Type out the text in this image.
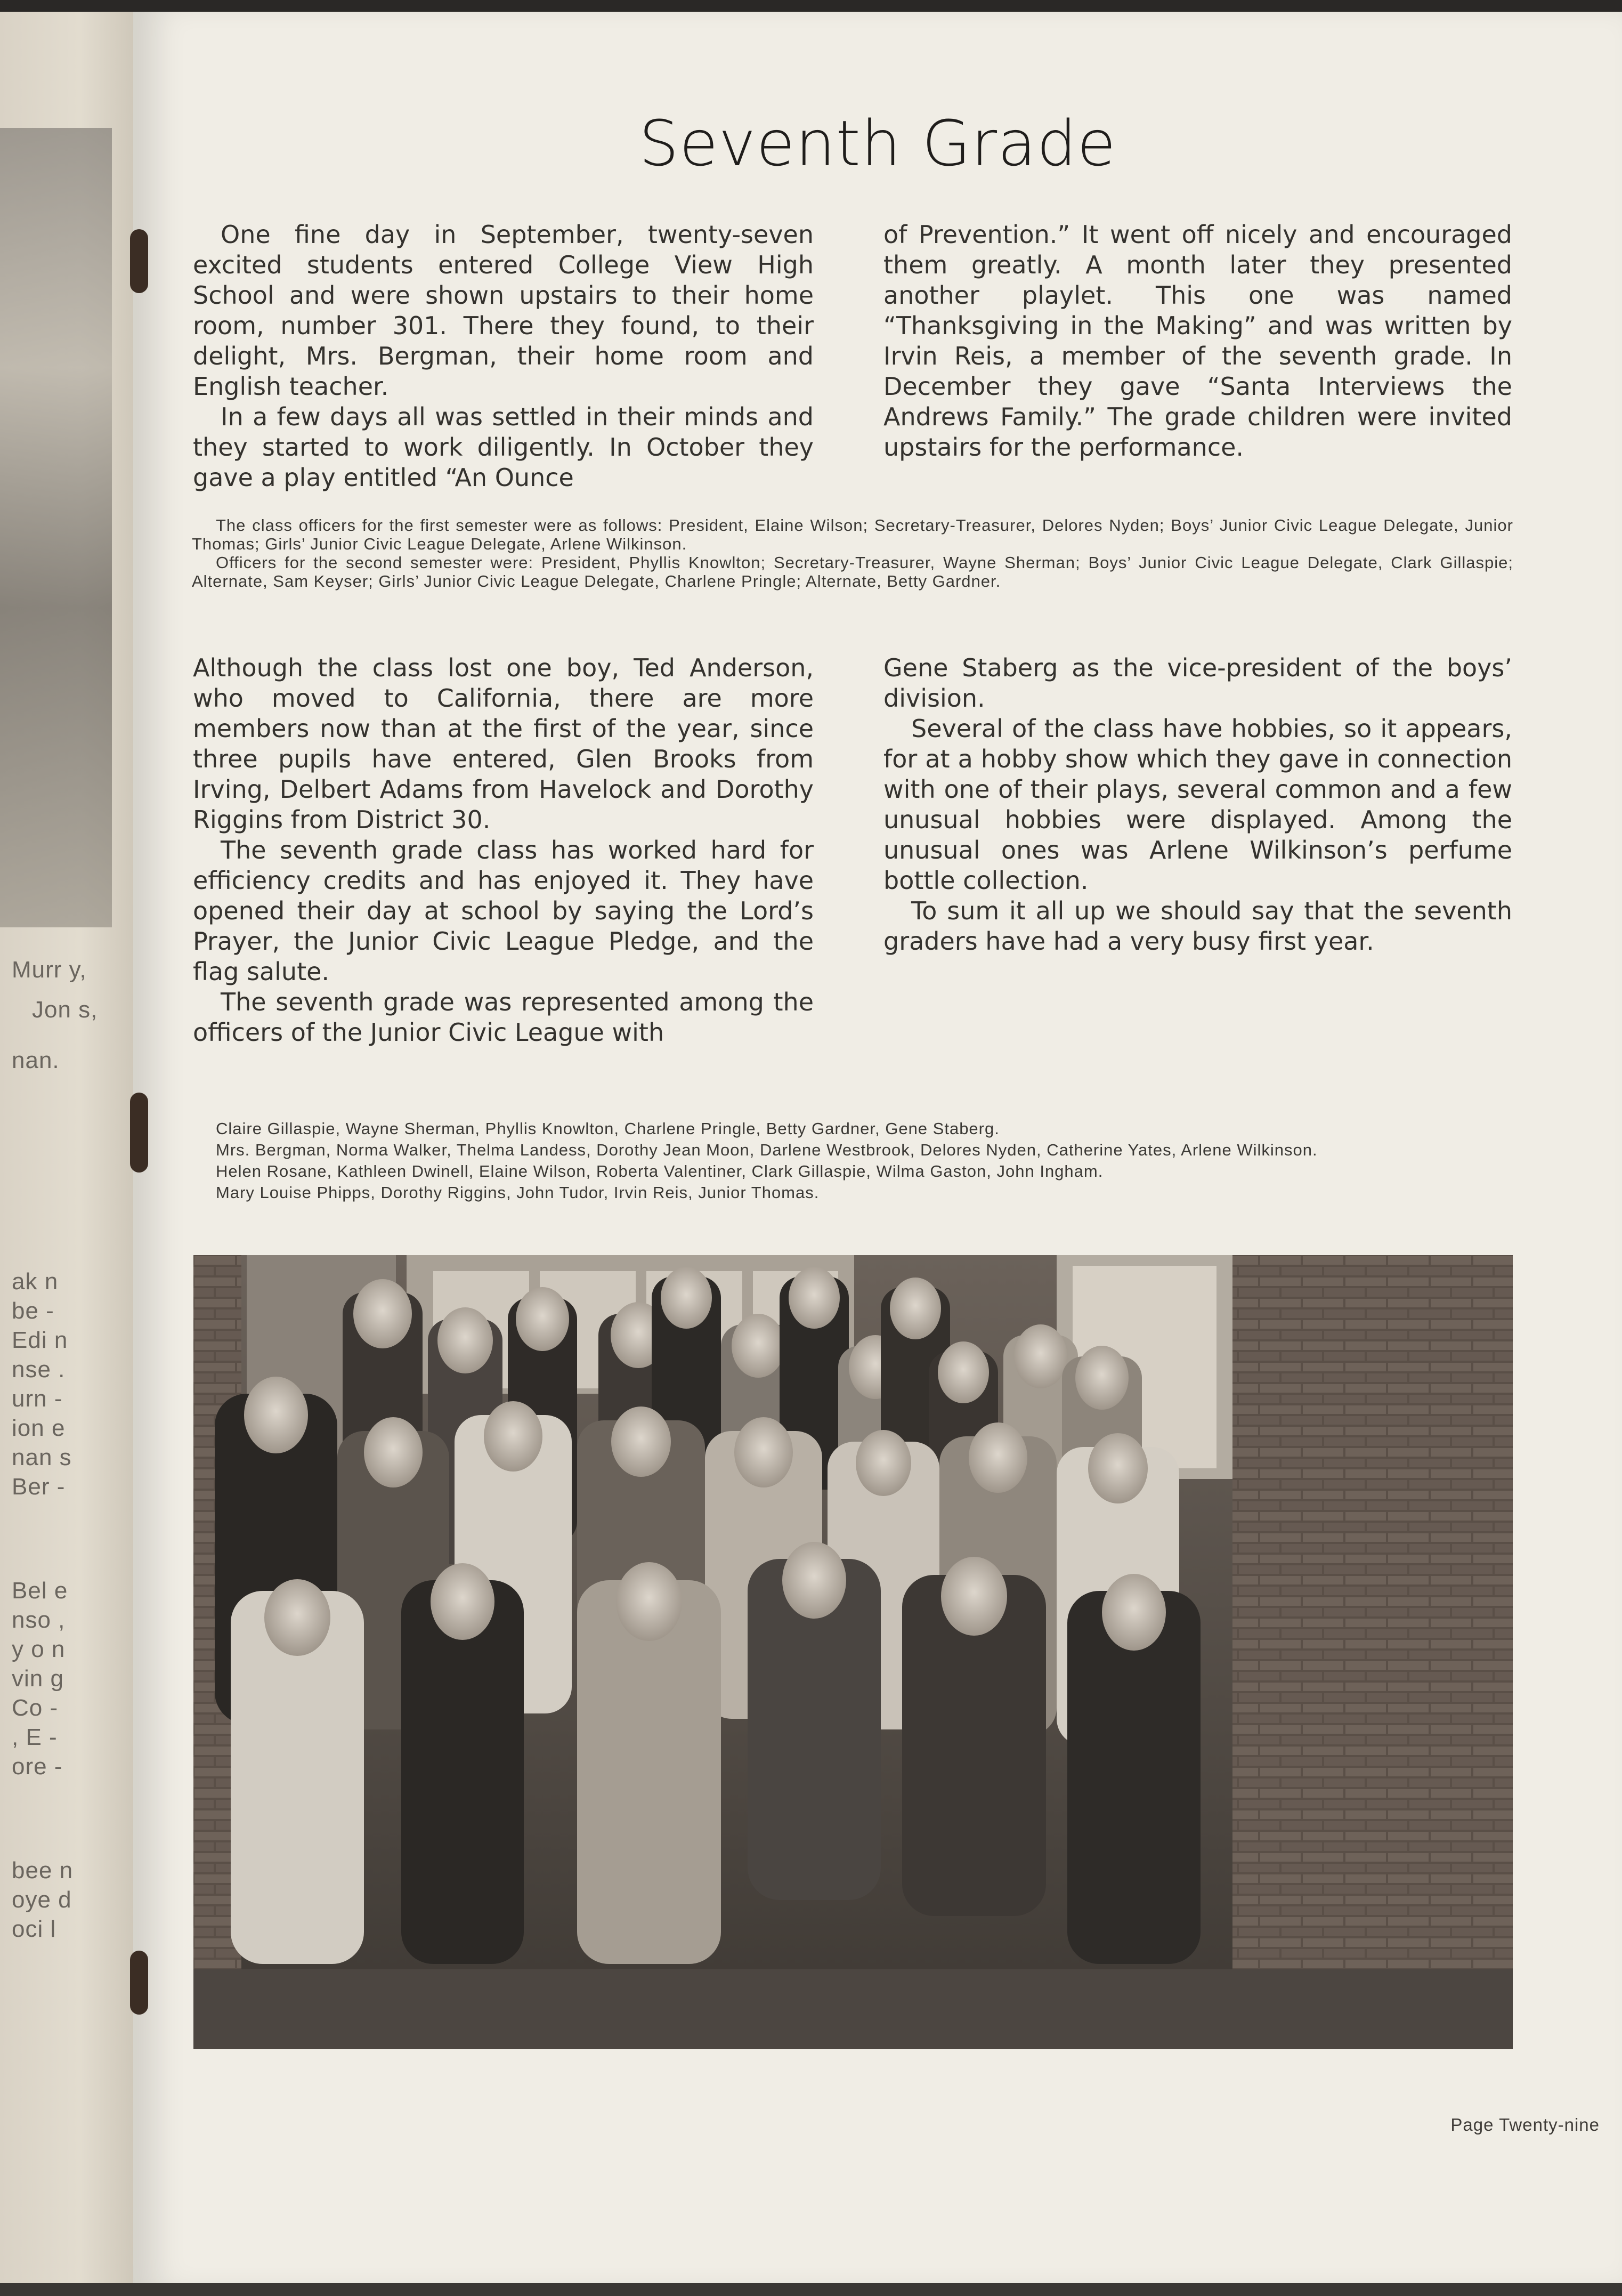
Murr y,
Jon s,
nan.
ak n
be -
Edi n
nse .
urn -
ion e
nan s
Ber -
Bel e
nso ,
y o n
vin g
Co -
, E -
ore -
bee n
oye d
oci l
Seventh Grade

One fine day in September, twenty-seven excited students entered College View High School and were shown upstairs to their home room, number 301. There they found, to their delight, Mrs. Bergman, their home room and English teacher.

In a few days all was settled in their minds and they started to work diligently. In October they gave a play entitled “An Ounce

of Prevention.” It went off nicely and encouraged them greatly. A month later they presented another playlet. This one was named “Thanksgiving in the Making” and was written by Irvin Reis, a member of the seventh grade. In December they gave “Santa Interviews the Andrews Family.” The grade children were invited upstairs for the performance.

The class officers for the first semester were as follows: President, Elaine Wilson; Secretary-Treasurer, Delores Nyden; Boys’ Junior Civic League Delegate, Junior Thomas; Girls’ Junior Civic League Delegate, Arlene Wilkinson.

Officers for the second semester were: President, Phyllis Knowlton; Secretary-Treasurer, Wayne Sherman; Boys’ Junior Civic League Delegate, Clark Gillaspie; Alternate, Sam Keyser; Girls’ Junior Civic League Delegate, Charlene Pringle; Alternate, Betty Gardner.

Although the class lost one boy, Ted Anderson, who moved to California, there are more members now than at the first of the year, since three pupils have entered, Glen Brooks from Irving, Delbert Adams from Havelock and Dorothy Riggins from District 30.

The seventh grade class has worked hard for efficiency credits and has enjoyed it. They have opened their day at school by saying the Lord’s Prayer, the Junior Civic League Pledge, and the flag salute.

The seventh grade was represented among the officers of the Junior Civic League with

Gene Staberg as the vice-president of the boys’ division.

Several of the class have hobbies, so it appears, for at a hobby show which they gave in connection with one of their plays, several common and a few unusual hobbies were displayed. Among the unusual ones was Arlene Wilkinson’s perfume bottle collection.

To sum it all up we should say that the seventh graders have had a very busy first year.

Claire Gillaspie, Wayne Sherman, Phyllis Knowlton, Charlene Pringle, Betty Gardner, Gene Staberg.

Mrs. Bergman, Norma Walker, Thelma Landess, Dorothy Jean Moon, Darlene Westbrook, Delores Nyden, Catherine Yates, Arlene Wilkinson.

Helen Rosane, Kathleen Dwinell, Elaine Wilson, Roberta Valentiner, Clark Gillaspie, Wilma Gaston, John Ingham.

Mary Louise Phipps, Dorothy Riggins, John Tudor, Irvin Reis, Junior Thomas.

Page Twenty-nine
